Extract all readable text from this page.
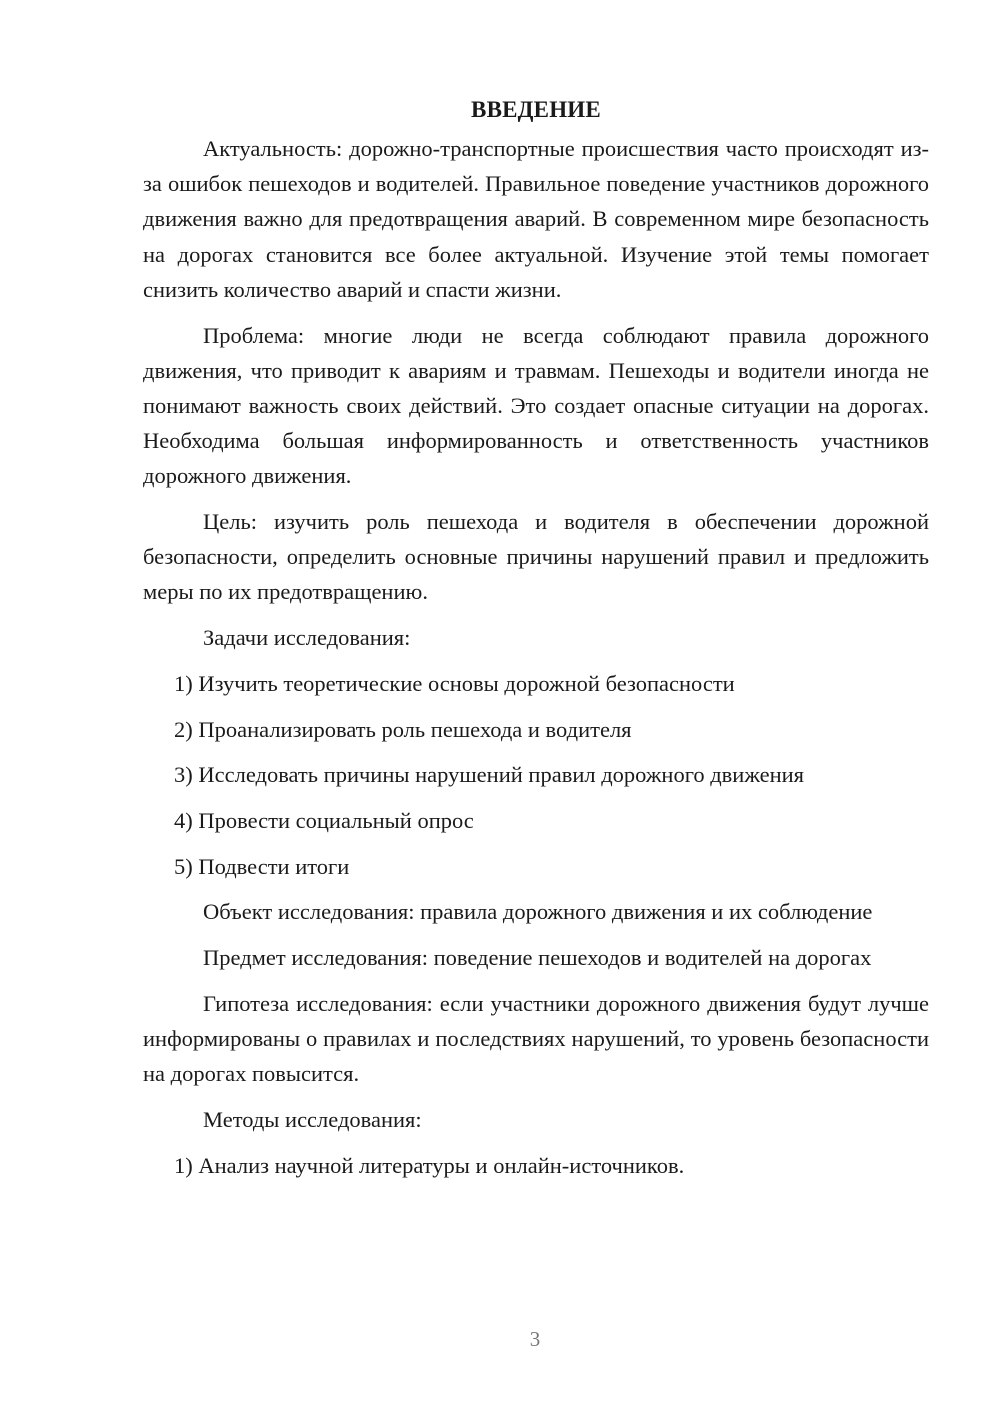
ВВЕДЕНИЕ

Актуальность: дорожно-транспортные происшествия часто происходят из-за ошибок пешеходов и водителей. Правильное поведение участников дорожного движения важно для предотвращения аварий. В современном мире безопасность на дорогах становится все более актуальной. Изучение этой темы помогает снизить количество аварий и спасти жизни.

Проблема: многие люди не всегда соблюдают правила дорожного движения, что приводит к авариям и травмам. Пешеходы и водители иногда не понимают важность своих действий. Это создает опасные ситуации на дорогах. Необходима большая информированность и ответственность участников дорожного движения.

Цель: изучить роль пешехода и водителя в обеспечении дорожной безопасности, определить основные причины нарушений правил и предложить меры по их предотвращению.

Задачи исследования:

1) Изучить теоретические основы дорожной безопасности

2) Проанализировать роль пешехода и водителя

3) Исследовать причины нарушений правил дорожного движения

4) Провести социальный опрос

5) Подвести итоги

Объект исследования: правила дорожного движения и их соблюдение

Предмет исследования: поведение пешеходов и водителей на дорогах

Гипотеза исследования: если участники дорожного движения будут лучше информированы о правилах и последствиях нарушений, то уровень безопасности на дорогах повысится.

Методы исследования:

1) Анализ научной литературы и онлайн-источников.

3
